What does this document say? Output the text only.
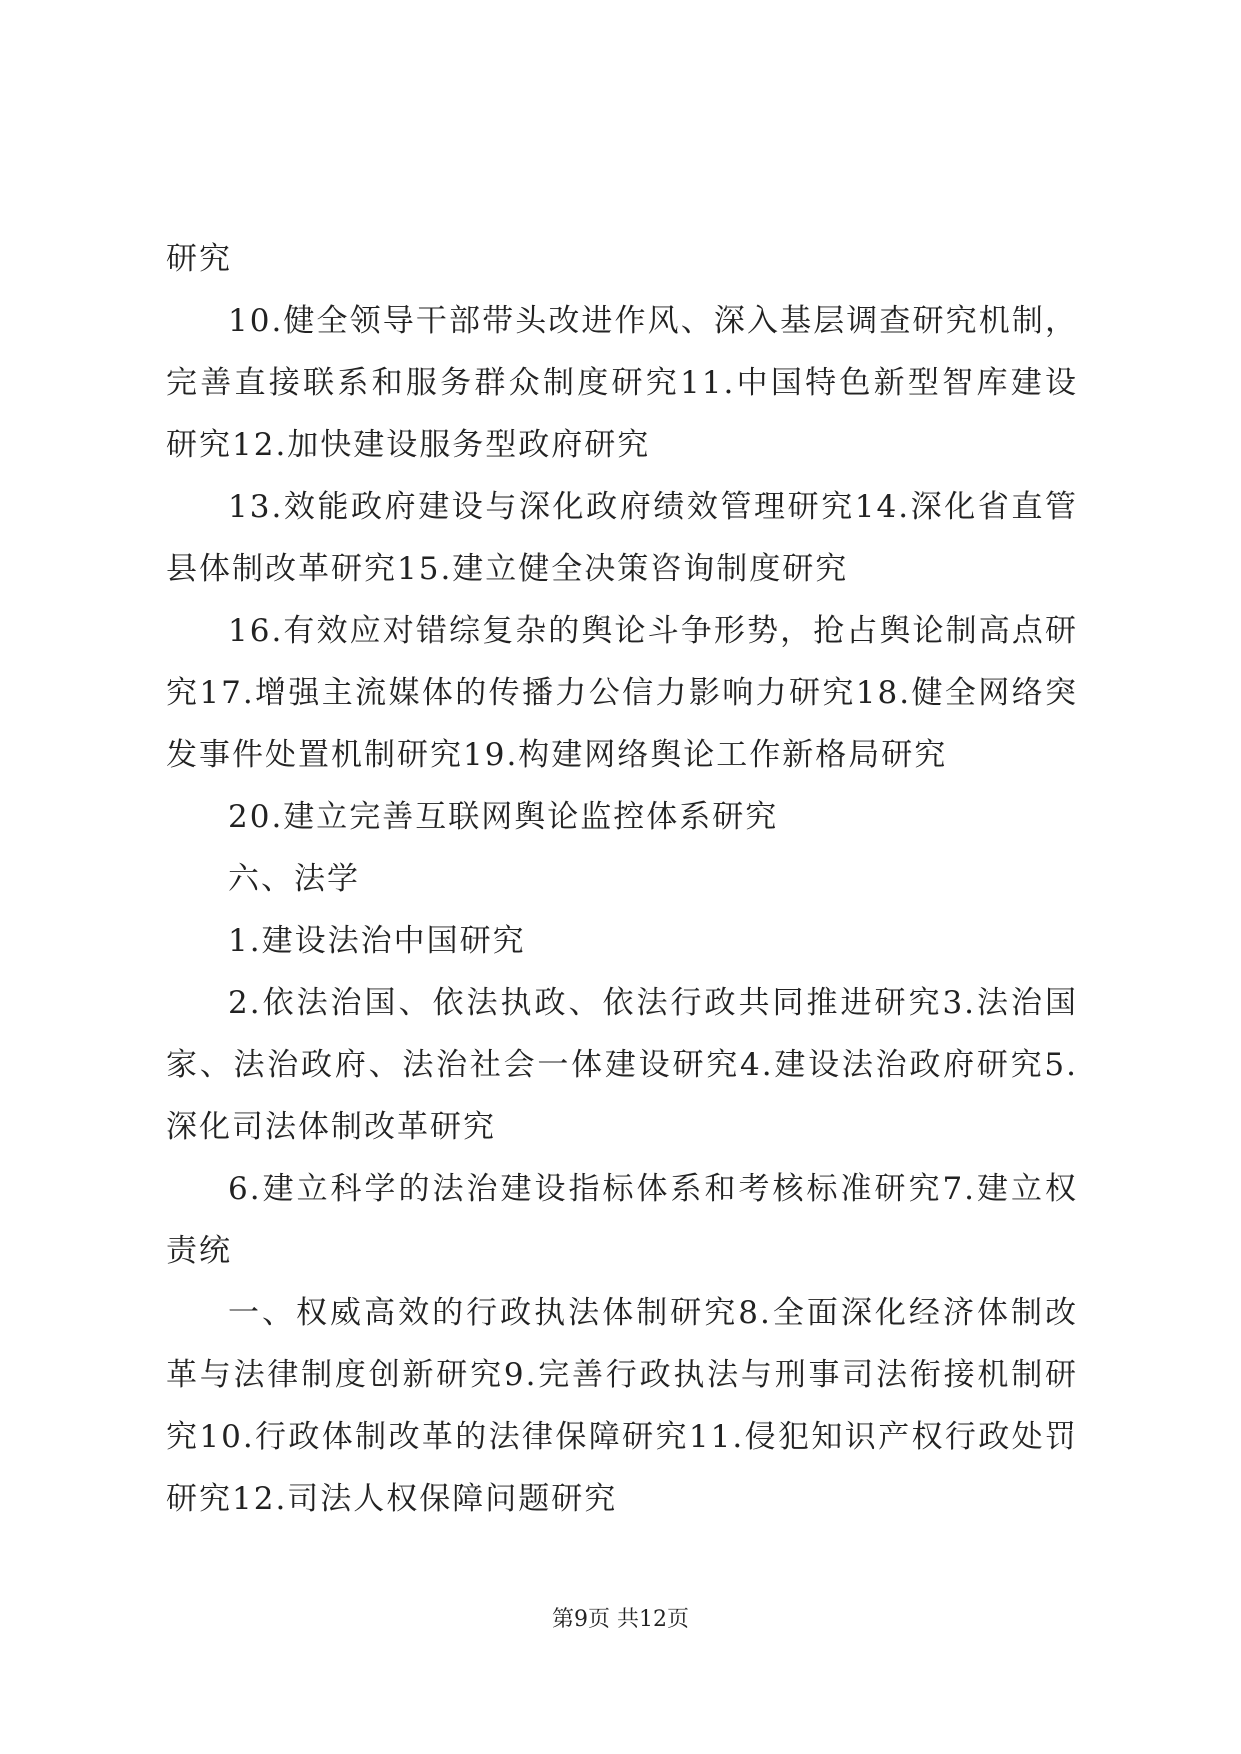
研究

10.健全领导干部带头改进作风、深入基层调查研究机制，完善直接联系和服务群众制度研究11.中国特色新型智库建设研究12.加快建设服务型政府研究

13.效能政府建设与深化政府绩效管理研究14.深化省直管县体制改革研究15.建立健全决策咨询制度研究

16.有效应对错综复杂的舆论斗争形势，抢占舆论制高点研究17.增强主流媒体的传播力公信力影响力研究18.健全网络突发事件处置机制研究19.构建网络舆论工作新格局研究

20.建立完善互联网舆论监控体系研究

六、法学

1.建设法治中国研究

2.依法治国、依法执政、依法行政共同推进研究3.法治国家、法治政府、法治社会一体建设研究4.建设法治政府研究5.深化司法体制改革研究

6.建立科学的法治建设指标体系和考核标准研究7.建立权责统

一、权威高效的行政执法体制研究8.全面深化经济体制改革与法律制度创新研究9.完善行政执法与刑事司法衔接机制研究10.行政体制改革的法律保障研究11.侵犯知识产权行政处罚研究12.司法人权保障问题研究

第9页 共12页
